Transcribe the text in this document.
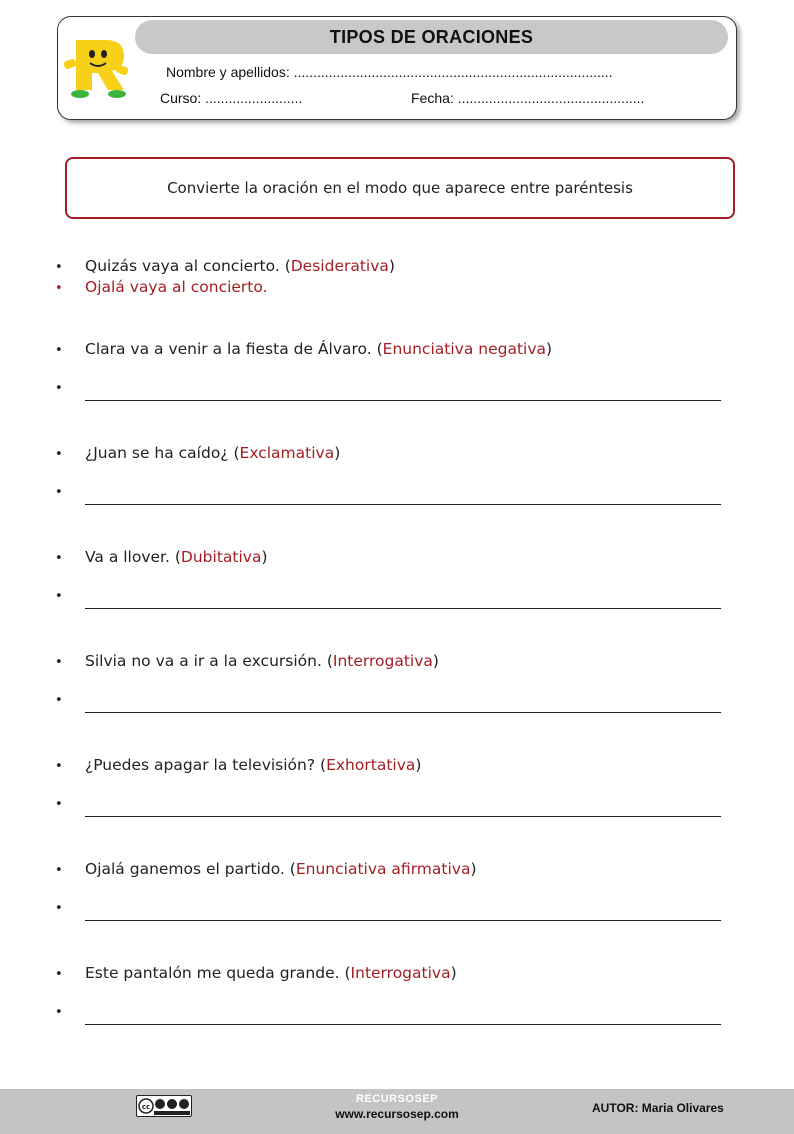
TIPOS DE ORACIONES
Nombre y apellidos: ..................................................................................
Curso: .........................	Fecha: ................................................
Convierte la oración en el modo que aparece entre paréntesis
• Quizás vaya al concierto. (Desiderativa)
• Ojalá vaya al concierto.
• Clara va a venir a la fiesta de Álvaro. (Enunciativa negativa)
•
• ¿Juan se ha caído¿ (Exclamativa)
•
• Va a llover. (Dubitativa)
•
• Silvia no va a ir a la excursión. (Interrogativa)
•
• ¿Puedes apagar la televisión? (Exhortativa)
•
• Ojalá ganemos el partido. (Enunciativa afirmativa)
•
• Este pantalón me queda grande. (Interrogativa)
•
cc
RECURSOSEP
www.recursosep.com	AUTOR: Maria Olivares
